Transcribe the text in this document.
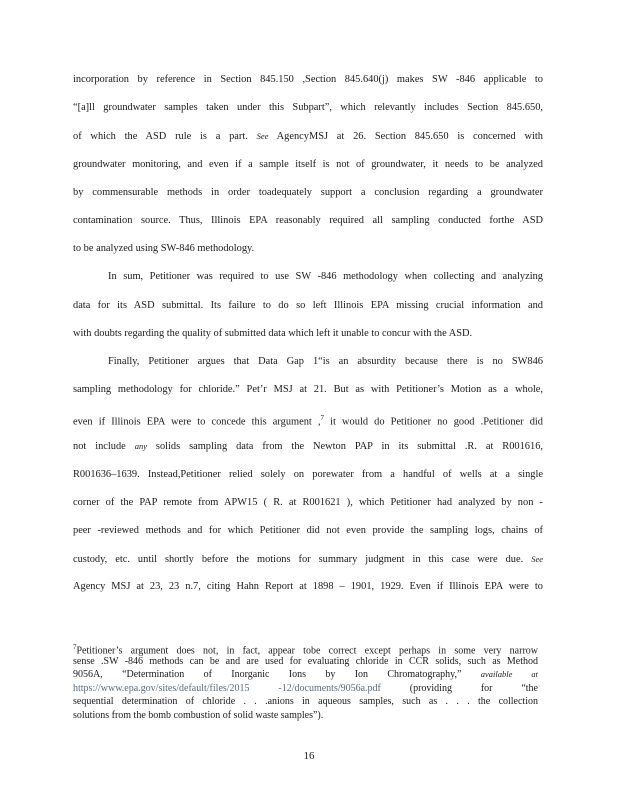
incorporation by reference in Section 845.150 ,Section 845.640(j) makes SW -846 applicable to
“[a]ll groundwater samples taken under this Subpart”, which relevantly includes Section 845.650,
of which the ASD rule is a part. See AgencyMSJ at 26. Section 845.650 is concerned with
groundwater monitoring, and even if a sample itself is not of groundwater, it needs to be analyzed
by commensurable methods in order toadequately support a conclusion regarding a groundwater
contamination source. Thus, Illinois EPA reasonably required all sampling conducted forthe ASD
to be analyzed using SW-846 methodology.
In sum, Petitioner was required to use SW -846 methodology when collecting and analyzing
data for its ASD submittal. Its failure to do so left Illinois EPA missing crucial information and
with doubts regarding the quality of submitted data which left it unable to concur with the ASD.
Finally, Petitioner argues that Data Gap 1“is an absurdity because there is no SW846
sampling methodology for chloride.” Pet’r MSJ at 21. But as with Petitioner’s Motion as a whole,
even if Illinois EPA were to concede this argument ,$^7$ it would do Petitioner no good .Petitioner did
not include any solids sampling data from the Newton PAP in its submittal .R. at R001616,
R001636–1639. Instead,Petitioner relied solely on porewater from a handful of wells at a single
corner of the PAP remote from APW15 ( R. at R001621 ), which Petitioner had analyzed by non -
peer -reviewed methods and for which Petitioner did not even provide the sampling logs, chains of
custody, etc. until shortly before the motions for summary judgment in this case were due. See
Agency MSJ at 23, 23 n.7, citing Hahn Report at 1898 – 1901, 1929. Even if Illinois EPA were to
$^7$Petitioner’s argument does not, in fact, appear tobe correct except perhaps in some very narrow
sense .SW -846 methods can be and are used for evaluating chloride in CCR solids, such as Method
9056A, “Determination of Inorganic Ions by Ion Chromatography,” available at
https://www.epa.gov/sites/default/files/2015 -12/documents/9056a.pdf (providing for “the
sequential determination of chloride . . .anions in aqueous samples, such as . . . the collection
solutions from the bomb combustion of solid waste samples”).
16
